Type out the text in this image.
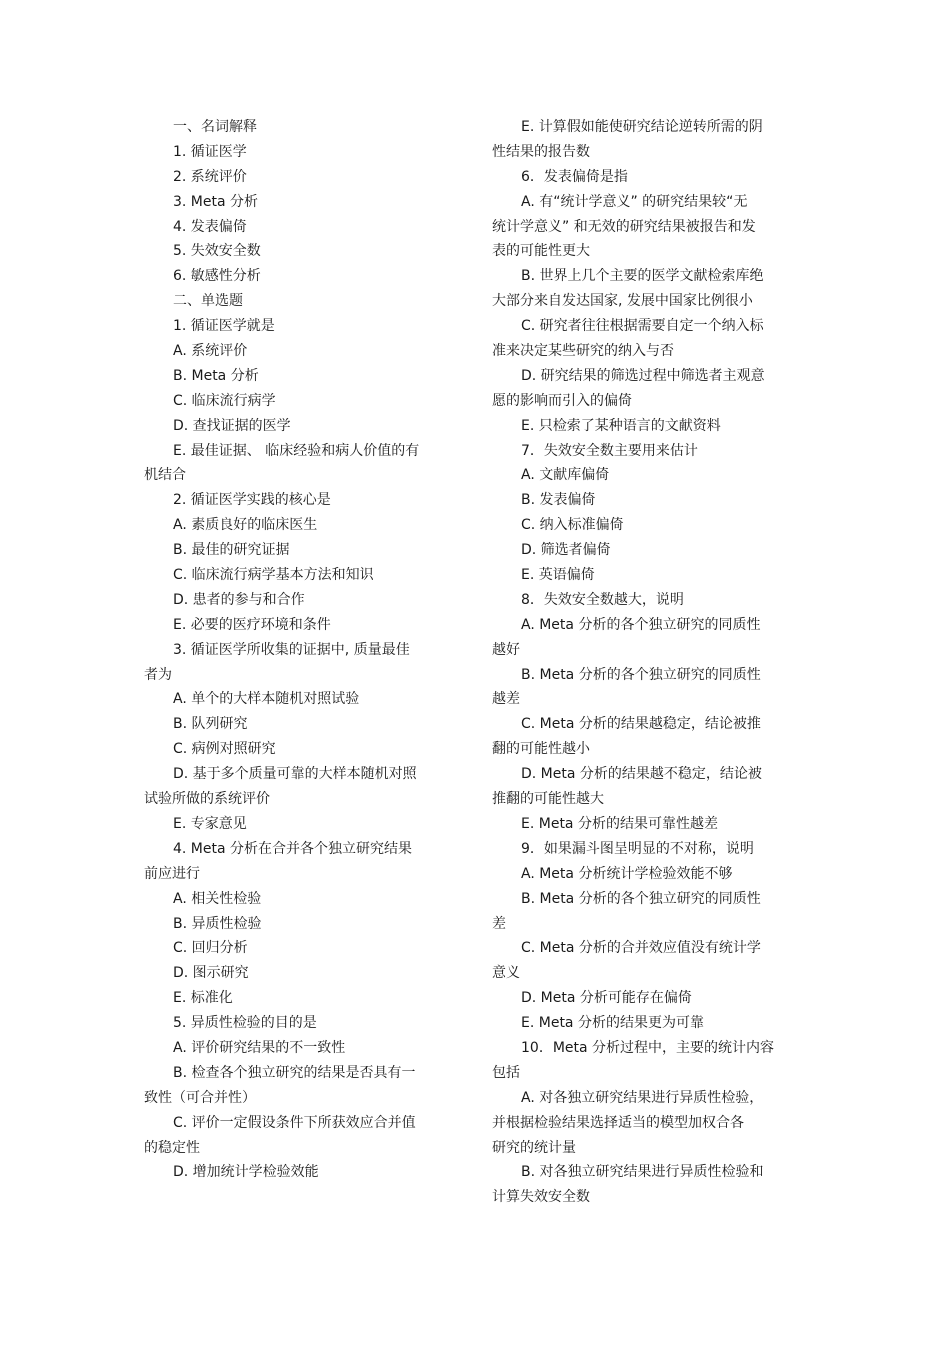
一、名词解释
1. 循证医学
2. 系统评价
3. Meta 分析
4. 发表偏倚
5. 失效安全数
6. 敏感性分析
二、单选题
1. 循证医学就是
A. 系统评价
B. Meta 分析
C. 临床流行病学
D. 查找证据的医学
E. 最佳证据、 临床经验和病人价值的有
机结合
2. 循证医学实践的核心是
A. 素质良好的临床医生
B. 最佳的研究证据
C. 临床流行病学基本方法和知识
D. 患者的参与和合作
E. 必要的医疗环境和条件
3. 循证医学所收集的证据中, 质量最佳
者为
A. 单个的大样本随机对照试验
B. 队列研究
C. 病例对照研究
D. 基于多个质量可靠的大样本随机对照
试验所做的系统评价
E. 专家意见
4. Meta 分析在合并各个独立研究结果
前应进行
A. 相关性检验
B. 异质性检验
C. 回归分析
D. 图示研究
E. 标准化
5. 异质性检验的目的是
A. 评价研究结果的不一致性
B. 检查各个独立研究的结果是否具有一
致性（可合并性）
C. 评价一定假设条件下所获效应合并值
的稳定性
D. 增加统计学检验效能
E. 计算假如能使研究结论逆转所需的阴
性结果的报告数
6．发表偏倚是指
A. 有“统计学意义” 的研究结果较“无
统计学意义” 和无效的研究结果被报告和发
表的可能性更大
B. 世界上几个主要的医学文献检索库绝
大部分来自发达国家, 发展中国家比例很小
C. 研究者往往根据需要自定一个纳入标
准来决定某些研究的纳入与否
D. 研究结果的筛选过程中筛选者主观意
愿的影响而引入的偏倚
E. 只检索了某种语言的文献资料
7．失效安全数主要用来估计
A. 文献库偏倚
B. 发表偏倚
C. 纳入标准偏倚
D. 筛选者偏倚
E. 英语偏倚
8．失效安全数越大，说明
A. Meta 分析的各个独立研究的同质性
越好
B. Meta 分析的各个独立研究的同质性
越差
C. Meta 分析的结果越稳定，结论被推
翻的可能性越小
D. Meta 分析的结果越不稳定，结论被
推翻的可能性越大
E. Meta 分析的结果可靠性越差
9．如果漏斗图呈明显的不对称，说明
A. Meta 分析统计学检验效能不够
B. Meta 分析的各个独立研究的同质性
差
C. Meta 分析的合并效应值没有统计学
意义
D. Meta 分析可能存在偏倚
E. Meta 分析的结果更为可靠
10．Meta 分析过程中，主要的统计内容
包括
A. 对各独立研究结果进行异质性检验，
并根据检验结果选择适当的模型加权合各
研究的统计量
B. 对各独立研究结果进行异质性检验和
计算失效安全数
